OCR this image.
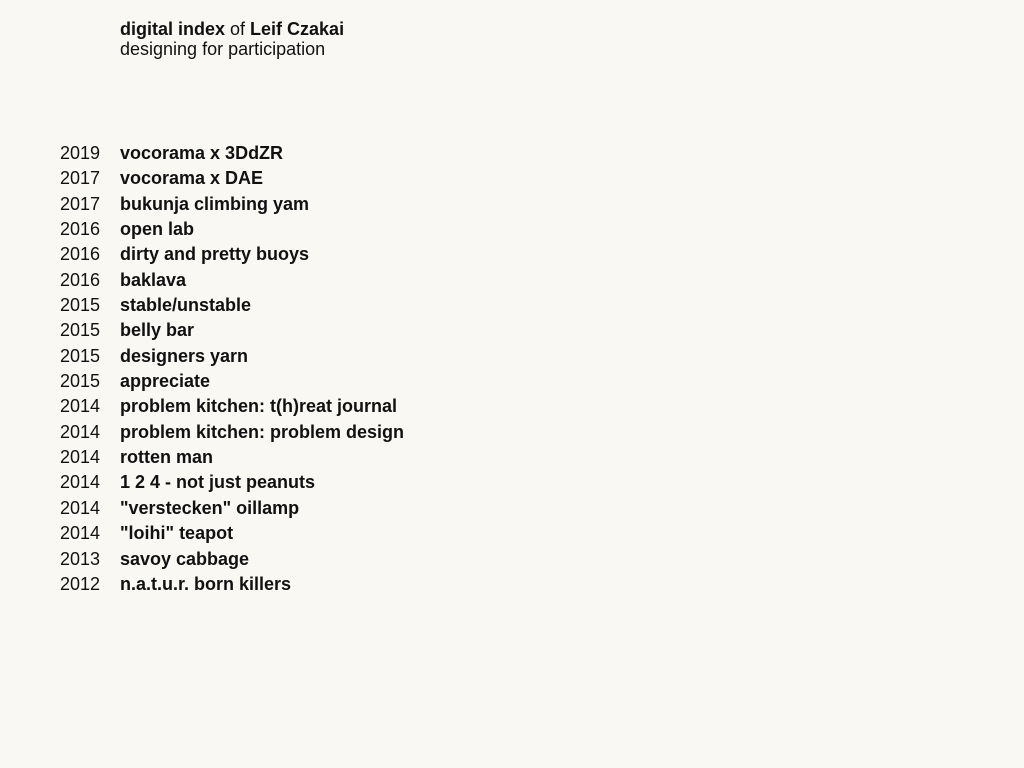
digital index of Leif Czakai
designing for participation
2019	vocorama x 3DdZR
2017	vocorama x DAE
2017	bukunja climbing yam
2016	open lab
2016	dirty and pretty buoys
2016	baklava
2015	stable/unstable
2015	belly bar
2015	designers yarn
2015	appreciate
2014	problem kitchen: t(h)reat journal
2014	problem kitchen: problem design
2014	rotten man
2014	1 2 4 - not just peanuts
2014	"verstecken" oillamp
2014	"loihi" teapot
2013	savoy cabbage
2012	n.a.t.u.r. born killers
